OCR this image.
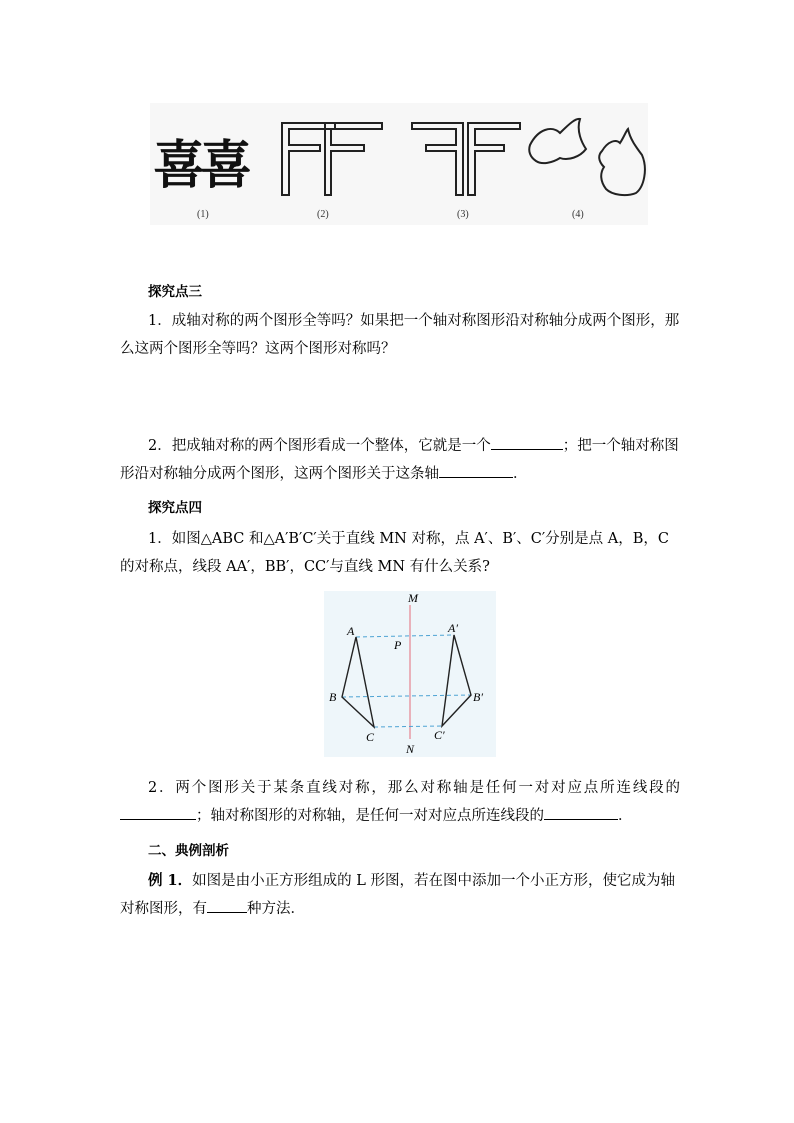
喜
喜
(1)	(2)	(3)	(4)

探究点三

1．成轴对称的两个图形全等吗？如果把一个轴对称图形沿对称轴分成两个图形，那么这两个图形全等吗？这两个图形对称吗？

2．把成轴对称的两个图形看成一个整体，它就是一个	；把一个轴对称图形沿对称轴分成两个图形，这两个图形关于这条轴	．

探究点四

1．如图△ABC 和△A′B′C′关于直线 MN 对称，点 A′、B′、C′分别是点 A，B，C 的对称点，线段 AA′，BB′，CC′与直线 MN 有什么关系?

M
N
P
A
B
C
A′
B′
C′

2．两个图形关于某条直线对称，那么对称轴是任何一对对应点所连线段的；轴对称图形的对称轴，是任何一对对应点所连线段的	．

二、典例剖析

例 1．如图是由小正方形组成的 L 形图，若在图中添加一个小正方形，使它成为轴对称图形，有	种方法．
